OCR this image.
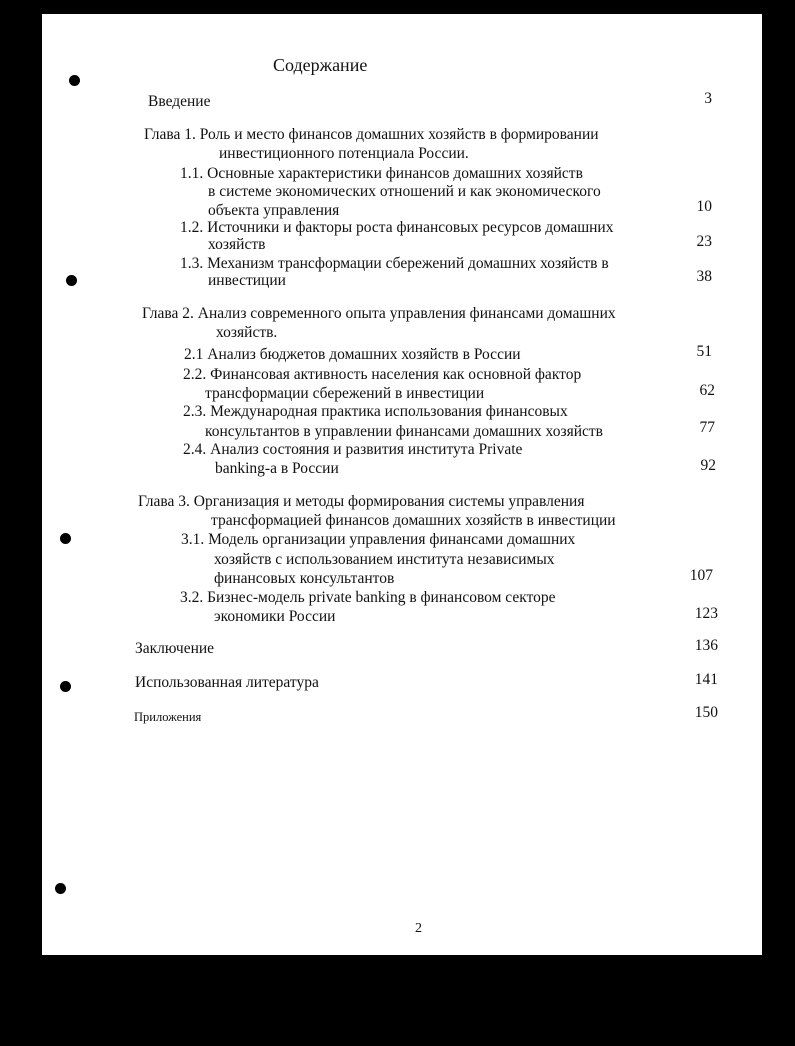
Содержание
Введение	3
Глава 1. Роль и место финансов домашних хозяйств в формировании
инвестиционного потенциала России.
1.1. Основные характеристики финансов домашних хозяйств
в системе экономических отношений и как экономического
объекта управления	10
1.2. Источники и факторы роста финансовых ресурсов домашних
хозяйств	23
1.3. Механизм трансформации сбережений домашних хозяйств в
инвестиции	38
Глава 2. Анализ современного опыта управления финансами домашних
хозяйств.
2.1 Анализ бюджетов домашних хозяйств в России	51
2.2. Финансовая активность населения как основной фактор
трансформации сбережений в инвестиции	62
2.3. Международная практика использования финансовых
консультантов в управлении финансами домашних хозяйств	77
2.4. Анализ состояния и развития института Private
banking-а в России	92
Глава 3. Организация и методы формирования системы управления
трансформацией финансов домашних хозяйств в инвестиции
3.1. Модель организации управления финансами домашних
хозяйств с использованием института независимых
финансовых консультантов	107
3.2. Бизнес-модель private banking в финансовом секторе
экономики России	123
Заключение	136
Использованная литература	141
Приложения	150
2
